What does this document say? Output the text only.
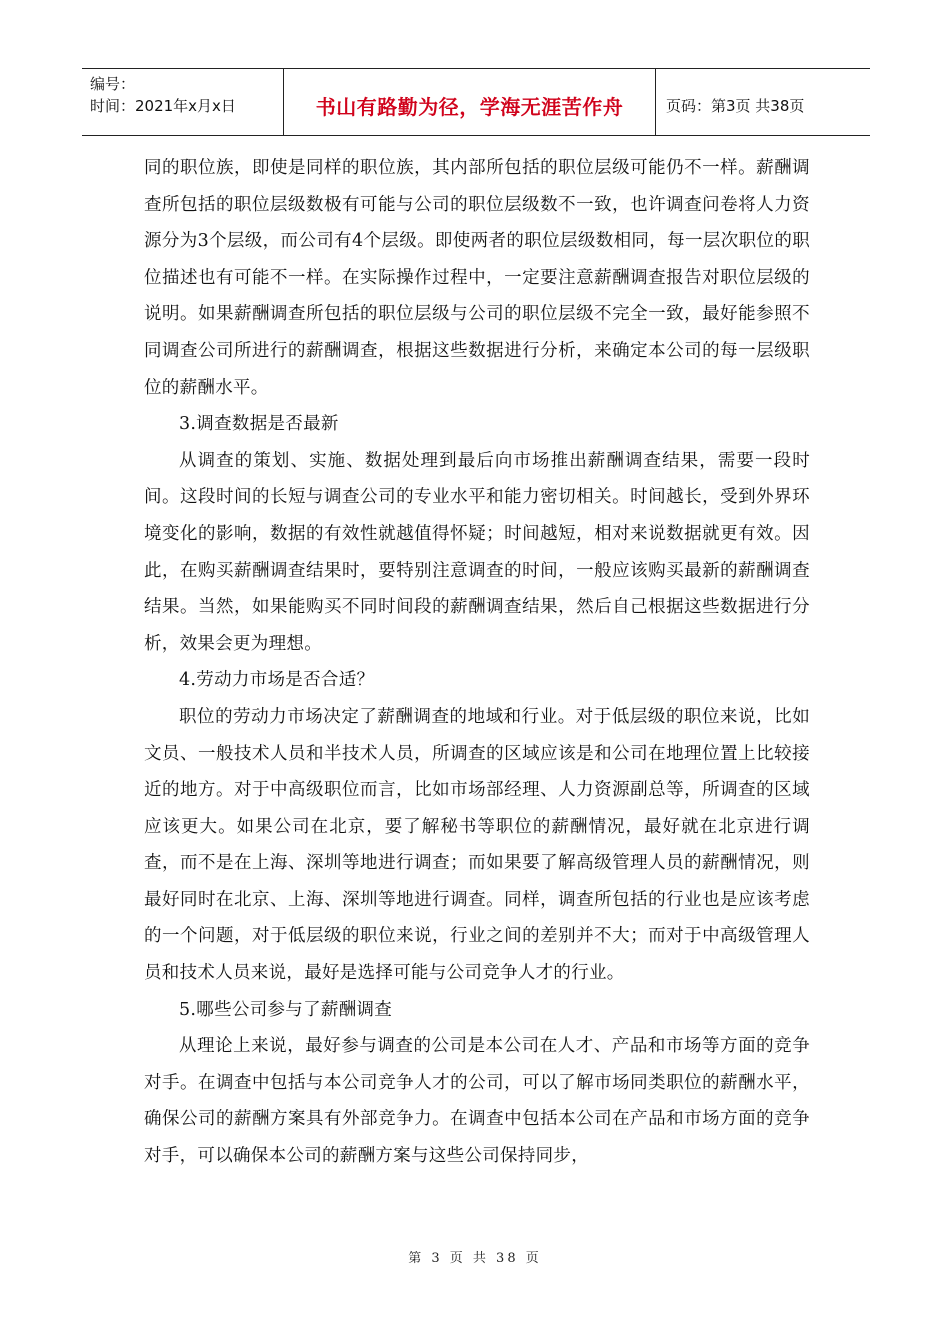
编号：
时间：2021年x月x日	书山有路勤为径，学海无涯苦作舟	页码：第3页 共38页

同的职位族，即使是同样的职位族，其内部所包括的职位层级可能仍不一样。薪酬调查所包括的职位层级数极有可能与公司的职位层级数不一致，也许调查问卷将人力资源分为3个层级，而公司有4个层级。即使两者的职位层级数相同，每一层次职位的职位描述也有可能不一样。在实际操作过程中，一定要注意薪酬调查报告对职位层级的说明。如果薪酬调查所包括的职位层级与公司的职位层级不完全一致，最好能参照不同调查公司所进行的薪酬调查，根据这些数据进行分析，来确定本公司的每一层级职位的薪酬水平。

3.调查数据是否最新

从调查的策划、实施、数据处理到最后向市场推出薪酬调查结果，需要一段时间。这段时间的长短与调查公司的专业水平和能力密切相关。时间越长，受到外界环境变化的影响，数据的有效性就越值得怀疑；时间越短，相对来说数据就更有效。因此，在购买薪酬调查结果时，要特别注意调查的时间，一般应该购买最新的薪酬调查结果。当然，如果能购买不同时间段的薪酬调查结果，然后自己根据这些数据进行分析，效果会更为理想。

4.劳动力市场是否合适？

职位的劳动力市场决定了薪酬调查的地域和行业。对于低层级的职位来说，比如文员、一般技术人员和半技术人员，所调查的区域应该是和公司在地理位置上比较接近的地方。对于中高级职位而言，比如市场部经理、人力资源副总等，所调查的区域应该更大。如果公司在北京，要了解秘书等职位的薪酬情况，最好就在北京进行调查，而不是在上海、深圳等地进行调查；而如果要了解高级管理人员的薪酬情况，则最好同时在北京、上海、深圳等地进行调查。同样，调查所包括的行业也是应该考虑的一个问题，对于低层级的职位来说，行业之间的差别并不大；而对于中高级管理人员和技术人员来说，最好是选择可能与公司竞争人才的行业。

5.哪些公司参与了薪酬调查

从理论上来说，最好参与调查的公司是本公司在人才、产品和市场等方面的竞争对手。在调查中包括与本公司竞争人才的公司，可以了解市场同类职位的薪酬水平，确保公司的薪酬方案具有外部竞争力。在调查中包括本公司在产品和市场方面的竞争对手，可以确保本公司的薪酬方案与这些公司保持同步，

第 3 页 共 38 页
